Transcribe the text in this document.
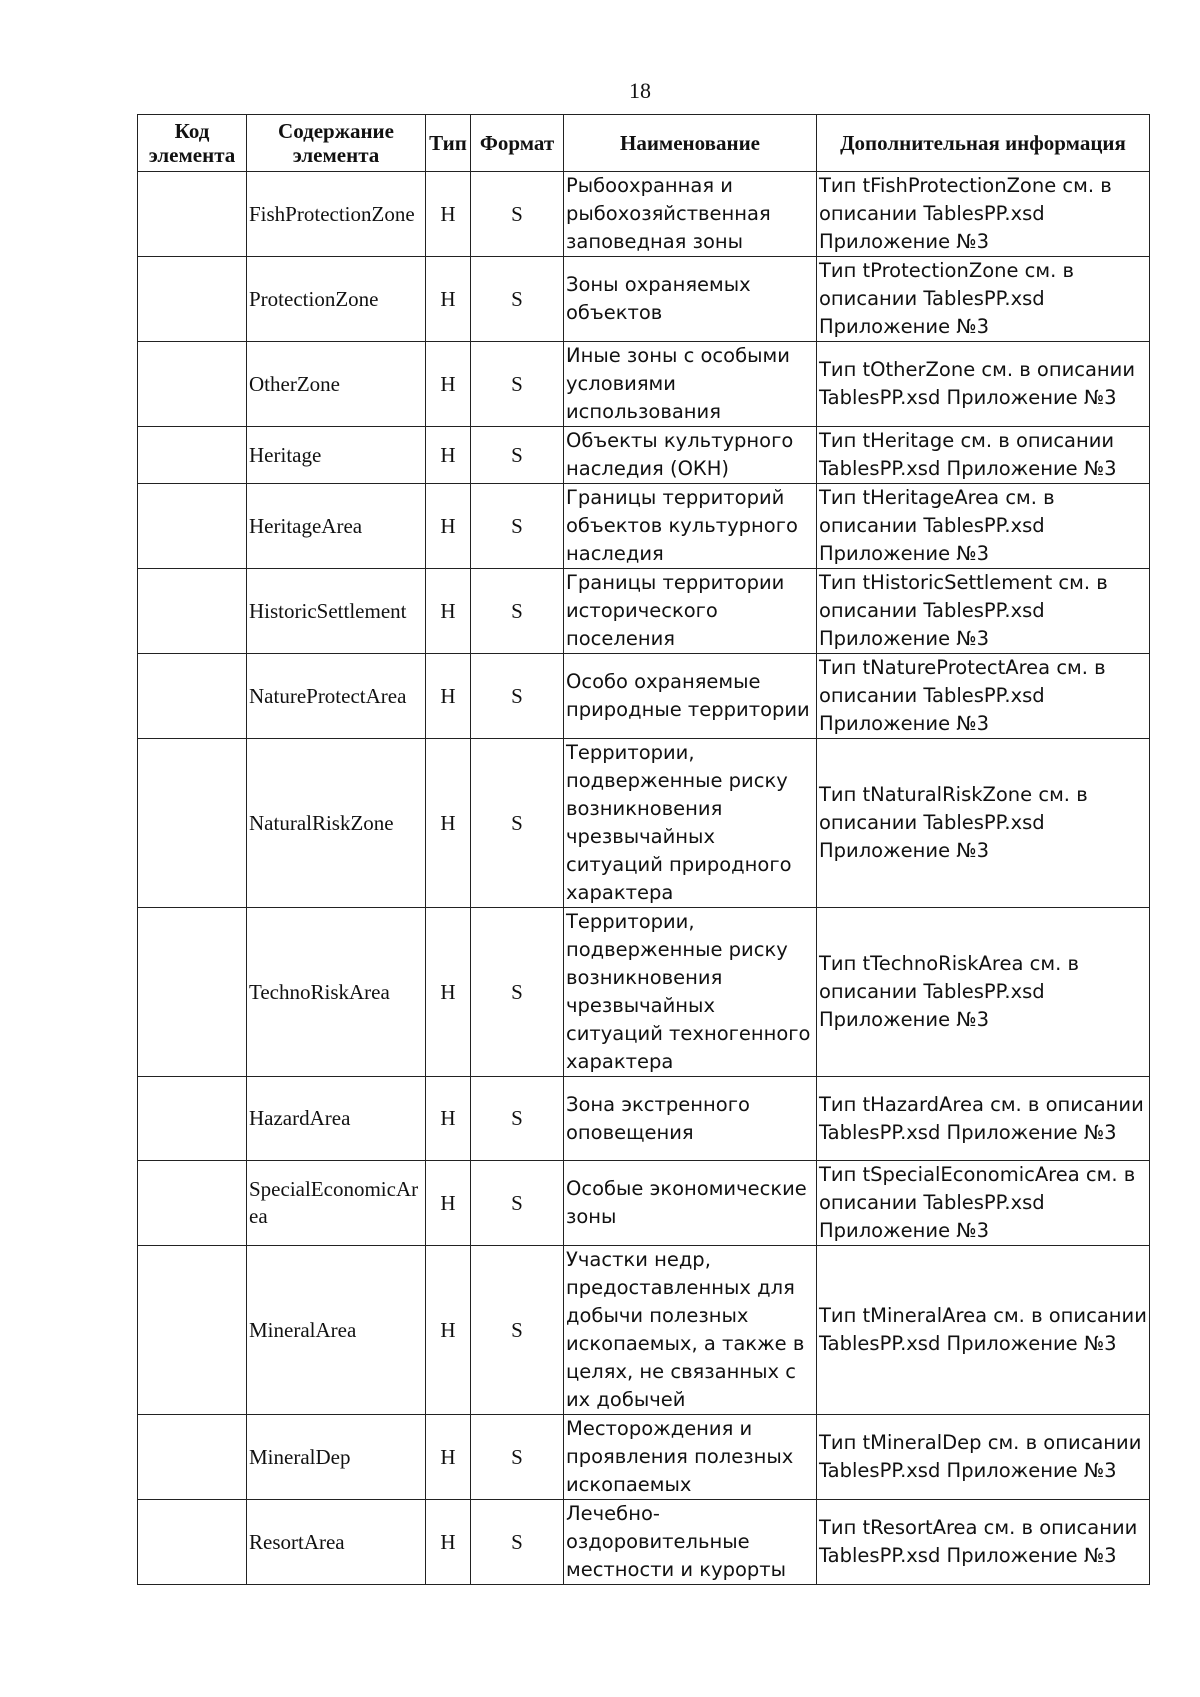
18
Код элемента	Содержание элемента	Тип	Формат	Наименование	Дополнительная информация
	FishProtectionZone	Н	S	Рыбоохранная и рыбохозяйственная заповедная зоны	Тип tFishProtectionZone см. в описании TablesPP.xsd Приложение №3
	ProtectionZone	Н	S	Зоны охраняемых объектов	Тип tProtectionZone см. в описании TablesPP.xsd Приложение №3
	OtherZone	Н	S	Иные зоны с особыми условиями использования	Тип tOtherZone см. в описании TablesPP.xsd Приложение №3
	Heritage	Н	S	Объекты культурного наследия (ОКН)	Тип tHeritage см. в описании TablesPP.xsd Приложение №3
	HeritageArea	Н	S	Границы территорий объектов культурного наследия	Тип tHeritageArea см. в описании TablesPP.xsd Приложение №3
	HistoricSettlement	Н	S	Границы территории исторического поселения	Тип tHistoricSettlement см. в описании TablesPP.xsd Приложение №3
	NatureProtectArea	Н	S	Особо охраняемые природные территории	Тип tNatureProtectArea см. в описании TablesPP.xsd Приложение №3
	NaturalRiskZone	Н	S	Территории, подверженные риску возникновения чрезвычайных ситуаций природного характера	Тип tNaturalRiskZone см. в описании TablesPP.xsd Приложение №3
	TechnoRiskArea	Н	S	Территории, подверженные риску возникновения чрезвычайных ситуаций техногенного характера	Тип tTechnoRiskArea см. в описании TablesPP.xsd Приложение №3
	HazardArea	Н	S	Зона экстренного оповещения	Тип tHazardArea см. в описании TablesPP.xsd Приложение №3
	SpecialEconomicArea	Н	S	Особые экономические зоны	Тип tSpecialEconomicArea см. в описании TablesPP.xsd Приложение №3
	MineralArea	Н	S	Участки недр, предоставленных для добычи полезных ископаемых, а также в целях, не связанных с их добычей	Тип tMineralArea см. в описании TablesPP.xsd Приложение №3
	MineralDep	Н	S	Месторождения и проявления полезных ископаемых	Тип tMineralDep см. в описании TablesPP.xsd Приложение №3
	ResortArea	Н	S	Лечебно-оздоровительные местности и курорты	Тип tResortArea см. в описании TablesPP.xsd Приложение №3
